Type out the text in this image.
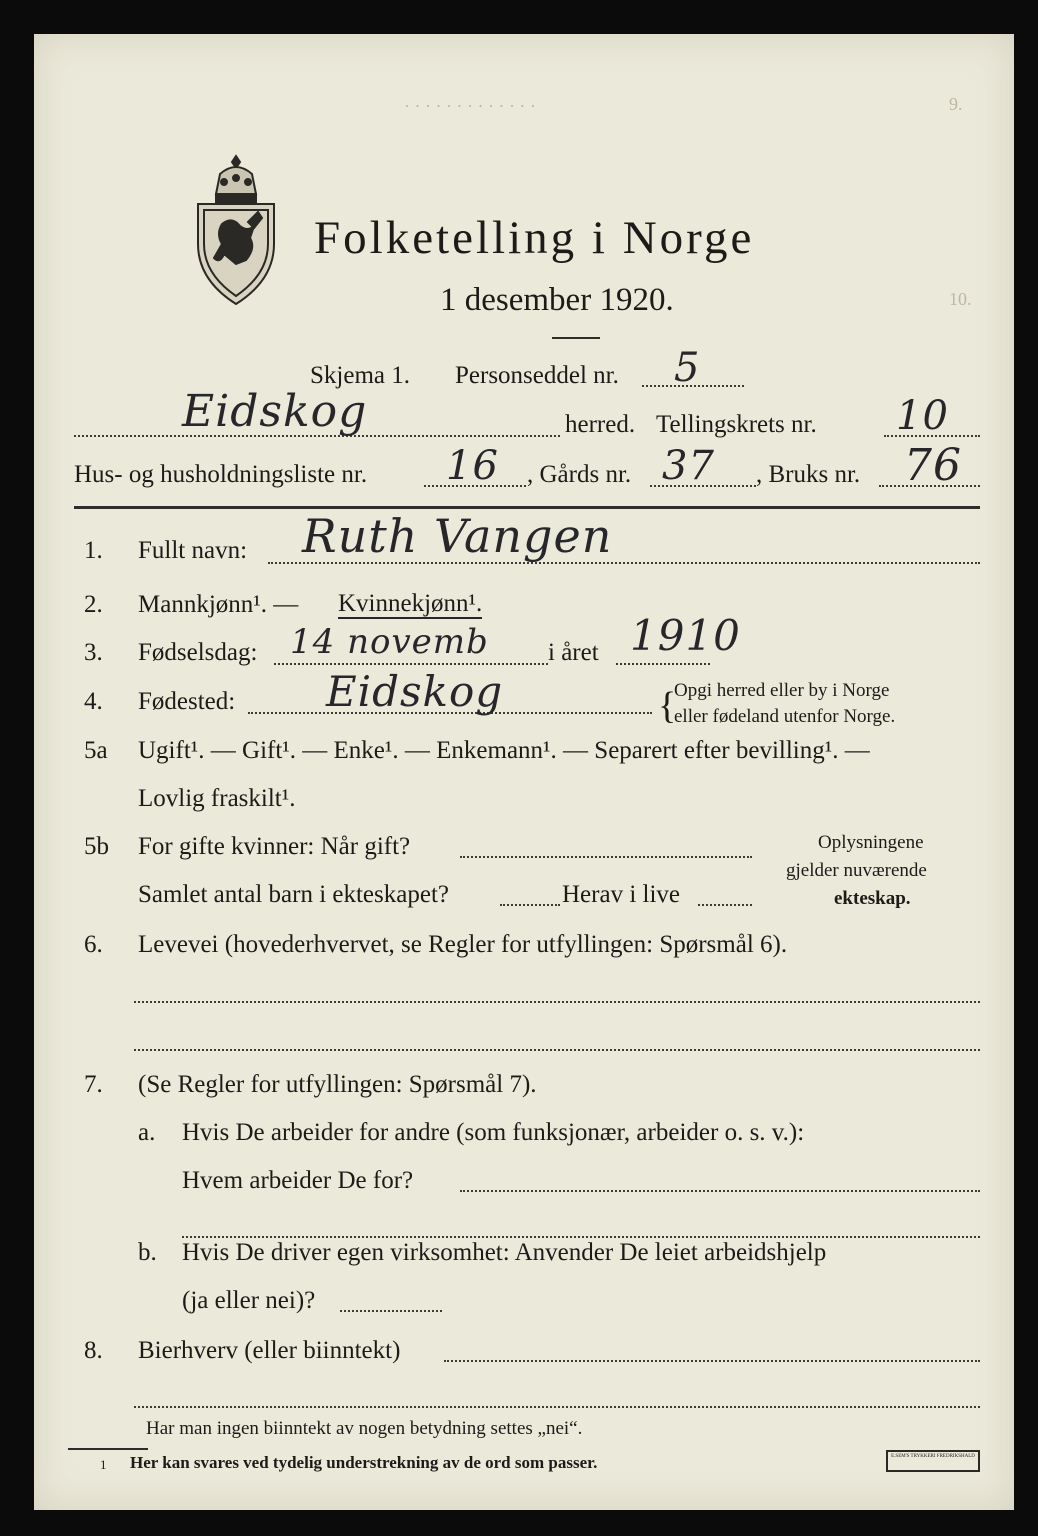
· · · · · · · · · · · · ·	9.
10.
Folketelling i Norge
1 desember 1920.
Skjema 1. Personseddel nr. 5
Eidskog	herred. Tellingskrets nr. 10
Hus- og husholdningsliste nr. 16 , Gårds nr. 37 , Bruks nr. 76
1. Fullt navn: Ruth Vangen
2. Mannkjønn¹. — Kvinnekjønn¹.
3. Fødselsdag: 14 novemb i året 1910
4. Fødested: Eidskog	{
Opgi herred eller by i Norge
eller fødeland utenfor Norge.
5a Ugift¹. — Gift¹. — Enke¹. — Enkemann¹. — Separert efter bevilling¹. —
Lovlig fraskilt¹.
5b For gifte kvinner: Når gift?
Samlet antal barn i ekteskapet?	Herav i live
Oplysningene
gjelder nuværende
ekteskap.
6. Levevei (hovederhvervet, se Regler for utfyllingen: Spørsmål 6).
7. (Se Regler for utfyllingen: Spørsmål 7).
a. Hvis De arbeider for andre (som funksjonær, arbeider o. s. v.):
Hvem arbeider De for?
b. Hvis De driver egen virksomhet: Anvender De leiet arbeidshjelp
(ja eller nei)?
8. Bierhverv (eller biinntekt)
Har man ingen biinntekt av nogen betydning settes „nei“.
1 Her kan svares ved tydelig understrekning av de ord som passer.	E.SEM'S TRYKKERI FREDRIKSHALD
